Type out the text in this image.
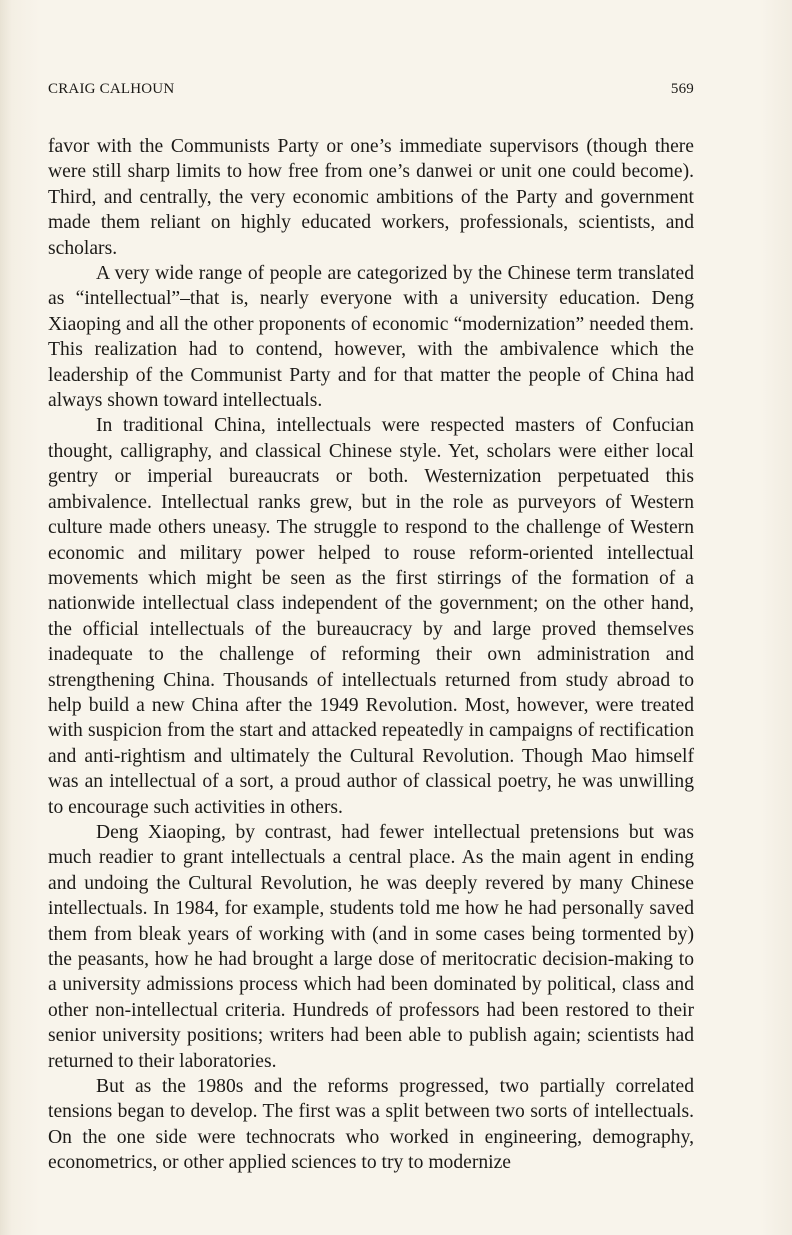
CRAIG CALHOUN	569

favor with the Communists Party or one’s immediate supervisors (though there were still sharp limits to how free from one’s danwei or unit one could become). Third, and centrally, the very economic ambitions of the Party and government made them reliant on highly educated workers, professionals, scientists, and scholars.

A very wide range of people are categorized by the Chinese term translated as “intellectual”–that is, nearly everyone with a university education. Deng Xiaoping and all the other proponents of economic “modernization” needed them. This realization had to contend, however, with the ambivalence which the leadership of the Communist Party and for that matter the people of China had always shown toward intellectuals.

In traditional China, intellectuals were respected masters of Confucian thought, calligraphy, and classical Chinese style. Yet, scholars were either local gentry or imperial bureaucrats or both. Westernization perpetuated this ambivalence. Intellectual ranks grew, but in the role as purveyors of Western culture made others uneasy. The struggle to respond to the challenge of Western economic and military power helped to rouse reform-oriented intellectual movements which might be seen as the first stirrings of the formation of a nationwide intellectual class independent of the government; on the other hand, the official intellectuals of the bureaucracy by and large proved themselves inadequate to the challenge of reforming their own administration and strengthening China. Thousands of intellectuals returned from study abroad to help build a new China after the 1949 Revolution. Most, however, were treated with suspicion from the start and attacked repeatedly in campaigns of rectification and anti-rightism and ultimately the Cultural Revolution. Though Mao himself was an intellectual of a sort, a proud author of classical poetry, he was unwilling to encourage such activities in others.

Deng Xiaoping, by contrast, had fewer intellectual pretensions but was much readier to grant intellectuals a central place. As the main agent in ending and undoing the Cultural Revolution, he was deeply revered by many Chinese intellectuals. In 1984, for example, students told me how he had personally saved them from bleak years of working with (and in some cases being tormented by) the peasants, how he had brought a large dose of meritocratic decision-making to a university admissions process which had been dominated by political, class and other non-intellectual criteria. Hundreds of professors had been restored to their senior university positions; writers had been able to publish again; scientists had returned to their laboratories.

But as the 1980s and the reforms progressed, two partially correlated tensions began to develop. The first was a split between two sorts of intellectuals. On the one side were technocrats who worked in engineering, demography, econometrics, or other applied sciences to try to modernize
